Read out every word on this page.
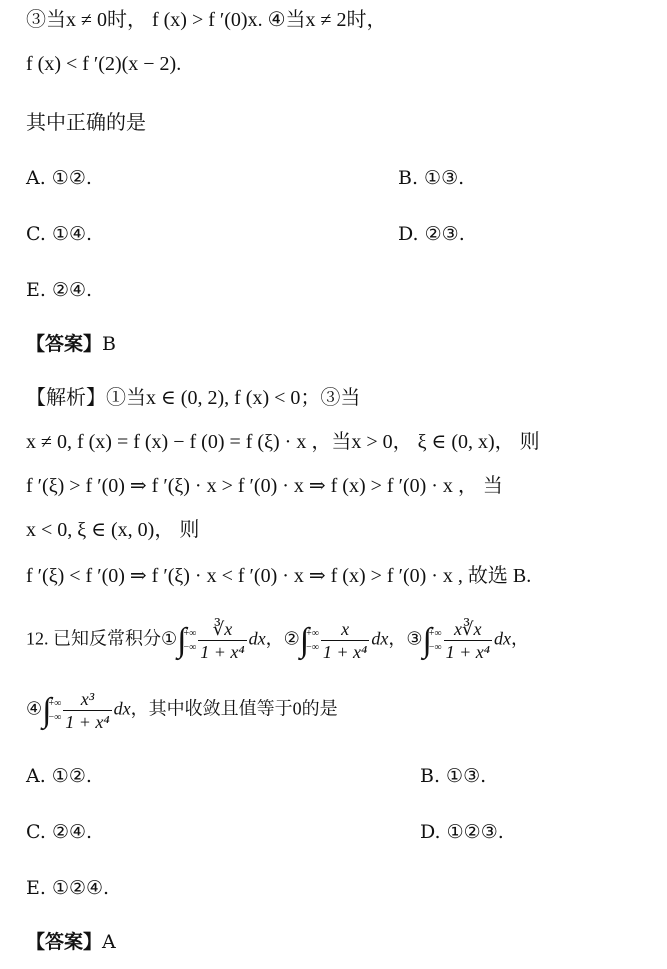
③当x ≠ 0时， f (x) > f ′(0)x. ④当x ≠ 2时，
f (x) < f ′(2)(x − 2).
其中正确的是
A. ①②.	B. ①③.
C. ①④.	D. ②③.
E. ②④.
【答案】B
【解析】①当x ∈ (0, 2), f (x) < 0；③当
x ≠ 0, f (x) = f (x) − f (0) = f (ξ) · x ，当x > 0， ξ ∈ (0, x)， 则
f ′(ξ) > f ′(0) ⇒ f ′(ξ) · x > f ′(0) · x ⇒ f (x) > f ′(0) · x ， 当
x < 0, ξ ∈ (x, 0)， 则
f ′(ξ) < f ′(0) ⇒ f ′(ξ) · x < f ′(0) · x ⇒ f (x) > f ′(0) · x , 故选 B.
12. 已知反常积分①∫
+∞
−∞ $\frac{∛x}{\text{1 + x⁴}}$ dx，②∫
+∞
−∞ $\frac{x}{\text{1 + x⁴}}$ dx，③∫
+∞
−∞ $\frac{x∛x}{\text{1 + x⁴}}$ dx，
④∫
+∞
−∞ $\frac{\text{x³}}{\text{1 + x⁴}}$ dx，其中收敛且值等于0的是
A. ①②.	B. ①③.
C. ②④.	D. ①②③.
E. ①②④.
【答案】A
